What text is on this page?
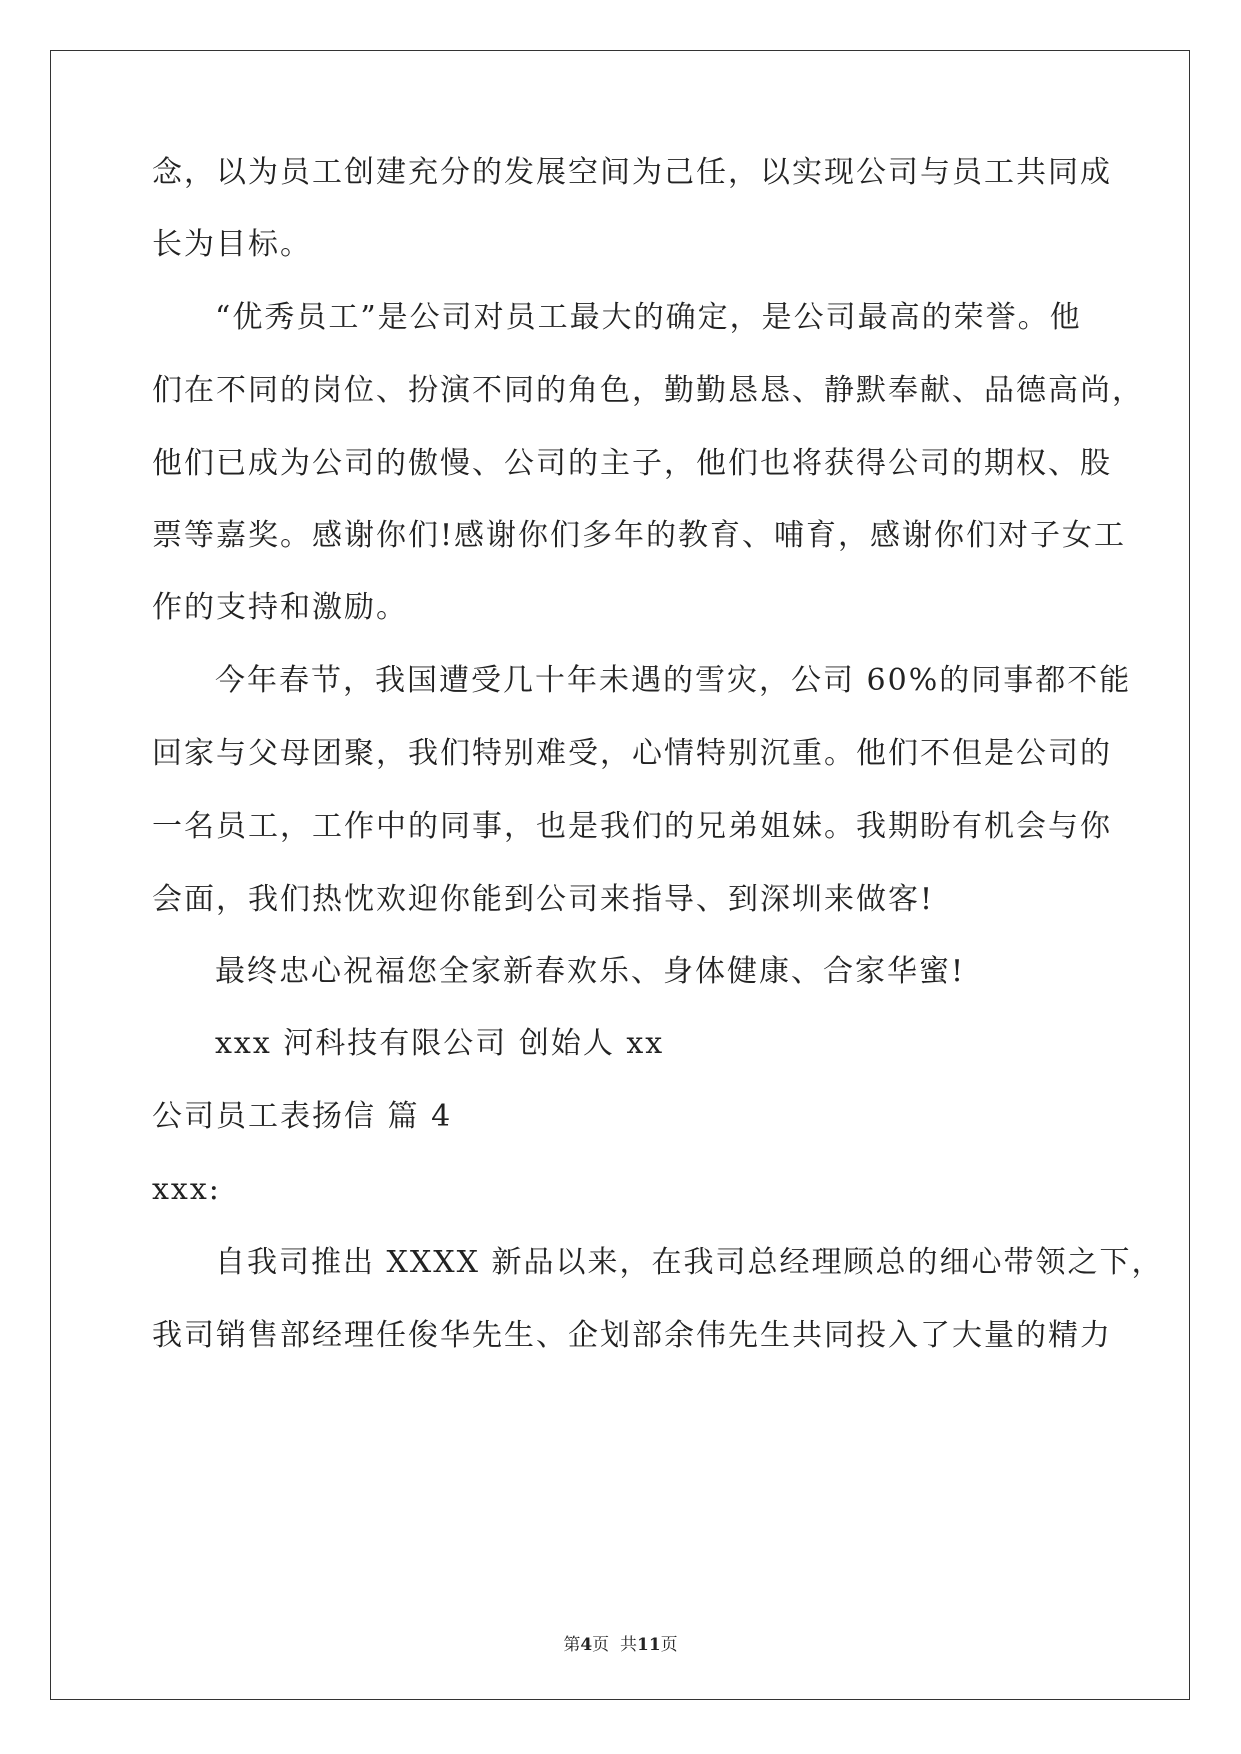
念，以为员工创建充分的发展空间为己任，以实现公司与员工共同成
长为目标。
“优秀员工”是公司对员工最大的确定，是公司最高的荣誉。他
们在不同的岗位、扮演不同的角色，勤勤恳恳、静默奉献、品德高尚，
他们已成为公司的傲慢、公司的主子，他们也将获得公司的期权、股
票等嘉奖。感谢你们!感谢你们多年的教育、哺育，感谢你们对子女工
作的支持和激励。
今年春节，我国遭受几十年未遇的雪灾，公司 60%的同事都不能
回家与父母团聚，我们特别难受，心情特别沉重。他们不但是公司的
一名员工，工作中的同事，也是我们的兄弟姐妹。我期盼有机会与你
会面，我们热忱欢迎你能到公司来指导、到深圳来做客!
最终忠心祝福您全家新春欢乐、身体健康、合家华蜜!
xxx 河科技有限公司 创始人 xx
公司员工表扬信 篇 4
xxx:
自我司推出 XXXX 新品以来，在我司总经理顾总的细心带领之下，
我司销售部经理任俊华先生、企划部余伟先生共同投入了大量的精力
第4页  共11页
